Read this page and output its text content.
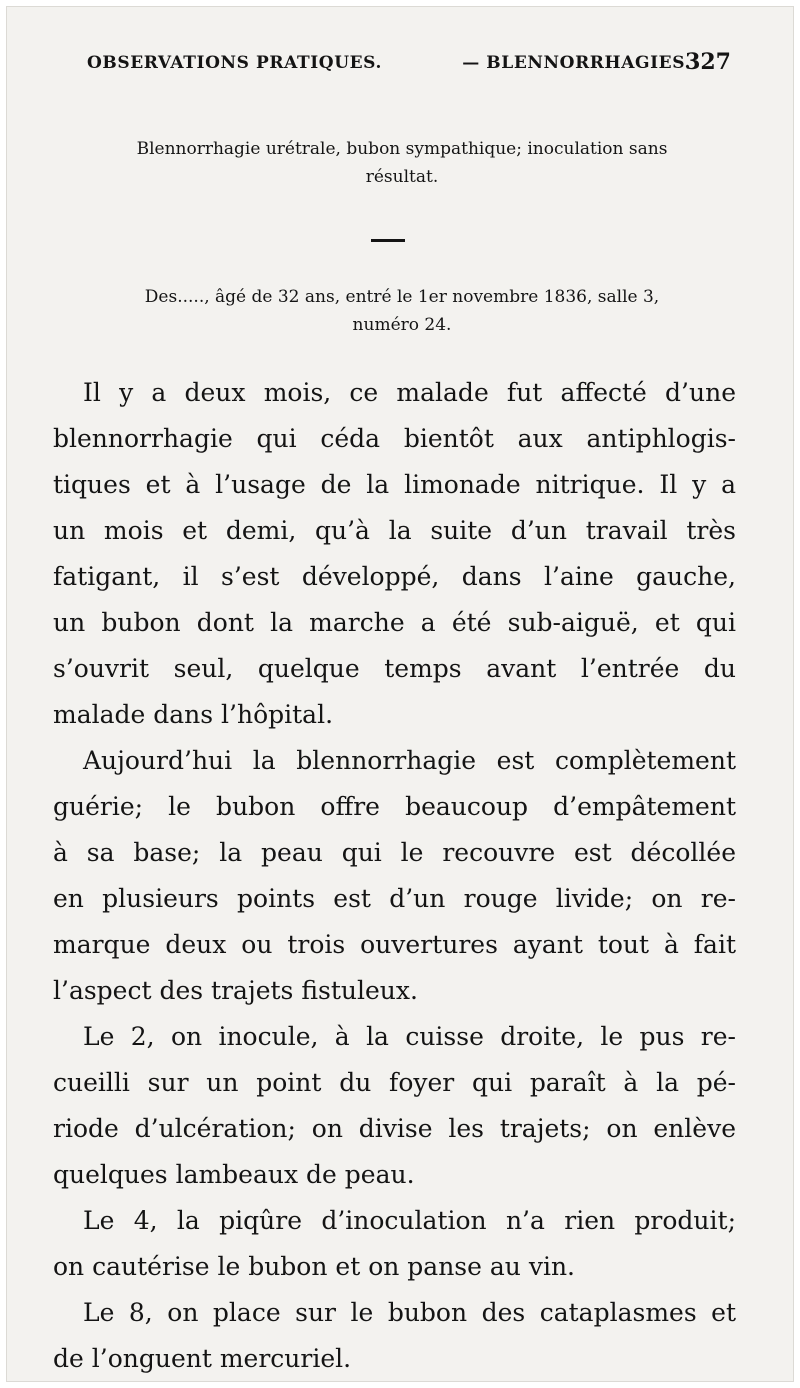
OBSERVATIONS PRATIQUES.	— BLENNORRHAGIES.
327
Blennorrhagie urétrale, bubon sympathique; inoculation sans
résultat.
Des....., âgé de 32 ans, entré le 1er novembre 1836, salle 3,
numéro 24.
Il y a deux mois, ce malade fut affecté d’une
blennorrhagie qui céda bientôt aux antiphlogis-
tiques et à l’usage de la limonade nitrique. Il y a
un mois et demi, qu’à la suite d’un travail très
fatigant, il s’est développé, dans l’aine gauche,
un bubon dont la marche a été sub-aiguë, et qui
s’ouvrit seul, quelque temps avant l’entrée du
malade dans l’hôpital.
Aujourd’hui la blennorrhagie est complètement
guérie; le bubon offre beaucoup d’empâtement
à sa base; la peau qui le recouvre est décollée
en plusieurs points est d’un rouge livide; on re-
marque deux ou trois ouvertures ayant tout à fait
l’aspect des trajets fistuleux.
Le 2, on inocule, à la cuisse droite, le pus re-
cueilli sur un point du foyer qui paraît à la pé-
riode d’ulcération; on divise les trajets; on enlève
quelques lambeaux de peau.
Le 4, la piqûre d’inoculation n’a rien produit;
on cautérise le bubon et on panse au vin.
Le 8, on place sur le bubon des cataplasmes et
de l’onguent mercuriel.
